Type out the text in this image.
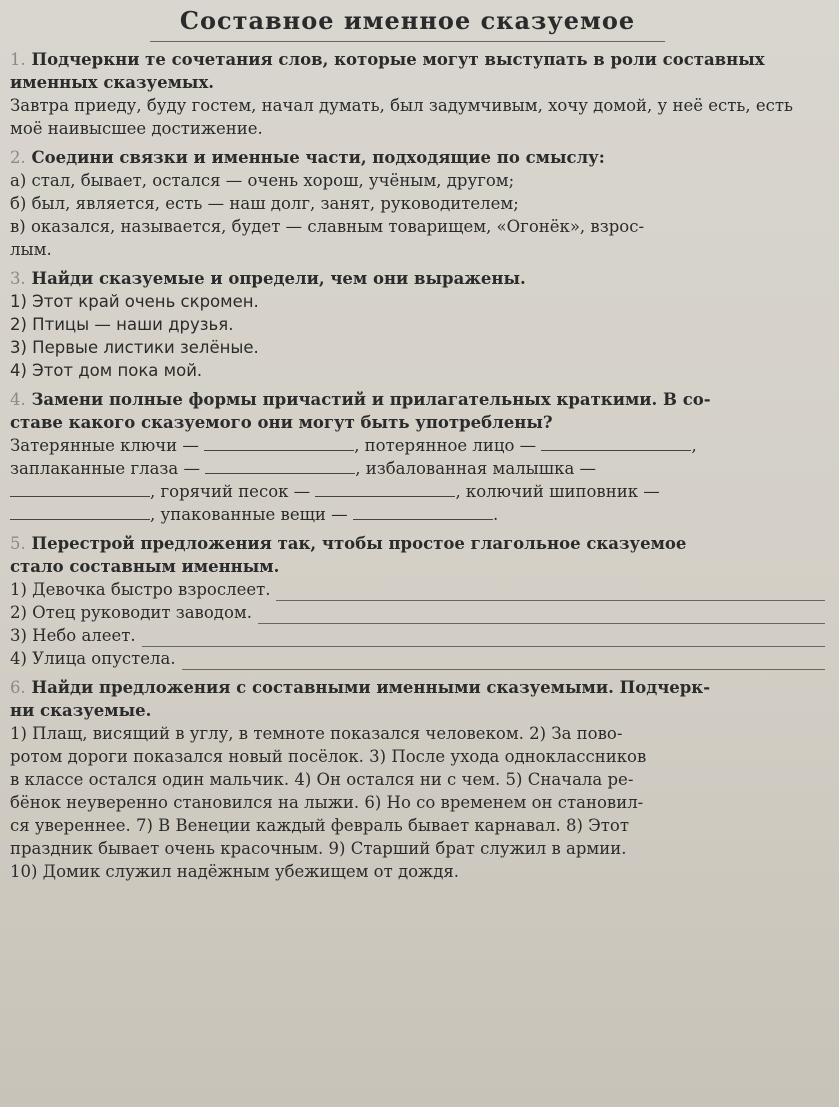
Составное именное сказуемое
1. Подчеркни те сочетания слов, которые могут выступать в роли составных именных сказуемых.
Завтра приеду, буду гостем, начал думать, был задумчивым, хочу домой, у неё есть, есть моё наивысшее достижение.
2. Соедини связки и именные части, подходящие по смыслу:
а) стал, бывает, остался — очень хорош, учёным, другом;
б) был, является, есть — наш долг, занят, руководителем;
в) оказался, называется, будет — славным товарищем, «Огонёк», взрос-
лым.
3. Найди сказуемые и определи, чем они выражены.
1) Этот край очень скромен.
2) Птицы — наши друзья.
3) Первые листики зелёные.
4) Этот дом пока мой.
4. Замени полные формы причастий и прилагательных краткими. В со-
ставе какого сказуемого они могут быть употреблены?
Затерянные ключи —	, потерянное лицо —	,
заплаканные глаза —	, избалованная малышка —
, горячий песок —	, колючий шиповник —
, упакованные вещи —	.
5. Перестрой предложения так, чтобы простое глагольное сказуемое
стало составным именным.
1) Девочка быстро взрослеет.
2) Отец руководит заводом.
3) Небо алеет.
4) Улица опустела.
6. Найди предложения с составными именными сказуемыми. Подчерк-
ни сказуемые.
1) Плащ, висящий в углу, в темноте показался человеком. 2) За пово-
ротом дороги показался новый посёлок. 3) После ухода одноклассников
в классе остался один мальчик. 4) Он остался ни с чем. 5) Сначала ре-
бёнок неуверенно становился на лыжи. 6) Но со временем он становил-
ся увереннее. 7) В Венеции каждый февраль бывает карнавал. 8) Этот
праздник бывает очень красочным. 9) Старший брат служил в армии.
10) Домик служил надёжным убежищем от дождя.
